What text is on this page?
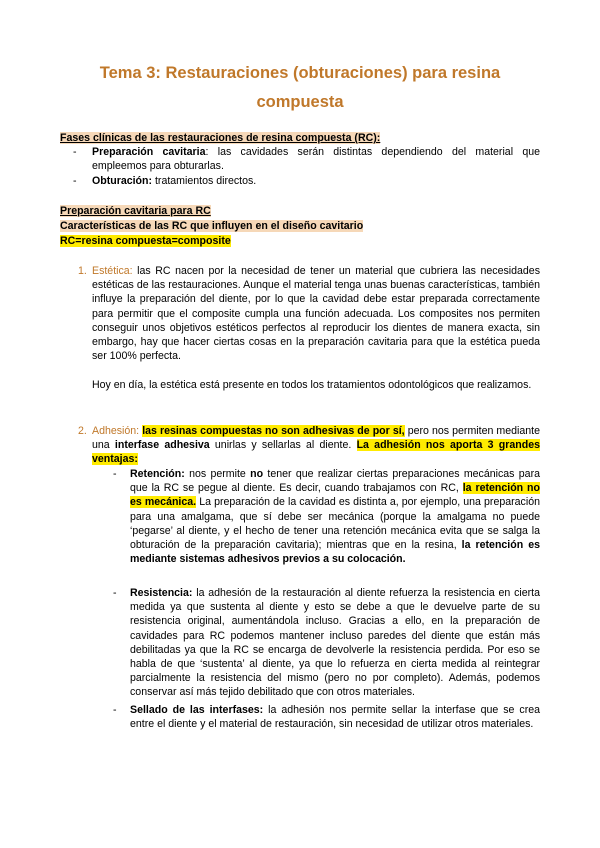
Tema 3: Restauraciones (obturaciones) para resina compuesta
Fases clínicas de las restauraciones de resina compuesta (RC):
- Preparación cavitaria: las cavidades serán distintas dependiendo del material que empleemos para obturarlas.
- Obturación: tratamientos directos.
Preparación cavitaria para RC
Características de las RC que influyen en el diseño cavitario
RC=resina compuesta=composite
1. Estética: las RC nacen por la necesidad de tener un material que cubriera las necesidades estéticas de las restauraciones. Aunque el material tenga unas buenas características, también influye la preparación del diente, por lo que la cavidad debe estar preparada correctamente para permitir que el composite cumpla una función adecuada. Los composites nos permiten conseguir unos objetivos estéticos perfectos al reproducir los dientes de manera exacta, sin embargo, hay que hacer ciertas cosas en la preparación cavitaria para que la estética pueda ser 100% perfecta.
Hoy en día, la estética está presente en todos los tratamientos odontológicos que realizamos.
2. Adhesión: las resinas compuestas no son adhesivas de por sí, pero nos permiten mediante una interfase adhesiva unirlas y sellarlas al diente. La adhesión nos aporta 3 grandes ventajas:
- Retención: nos permite no tener que realizar ciertas preparaciones mecánicas para que la RC se pegue al diente. Es decir, cuando trabajamos con RC, la retención no es mecánica. La preparación de la cavidad es distinta a, por ejemplo, una preparación para una amalgama, que sí debe ser mecánica (porque la amalgama no puede ‘pegarse’ al diente, y el hecho de tener una retención mecánica evita que se salga la obturación de la preparación cavitaria); mientras que en la resina, la retención es mediante sistemas adhesivos previos a su colocación.
- Resistencia: la adhesión de la restauración al diente refuerza la resistencia en cierta medida ya que sustenta al diente y esto se debe a que le devuelve parte de su resistencia original, aumentándola incluso. Gracias a ello, en la preparación de cavidades para RC podemos mantener incluso paredes del diente que están más debilitadas ya que la RC se encarga de devolverle la resistencia perdida. Por eso se habla de que ‘sustenta’ al diente, ya que lo refuerza en cierta medida al reintegrar parcialmente la resistencia del mismo (pero no por completo). Además, podemos conservar así más tejido debilitado que con otros materiales.
- Sellado de las interfases: la adhesión nos permite sellar la interfase que se crea entre el diente y el material de restauración, sin necesidad de utilizar otros materiales.
